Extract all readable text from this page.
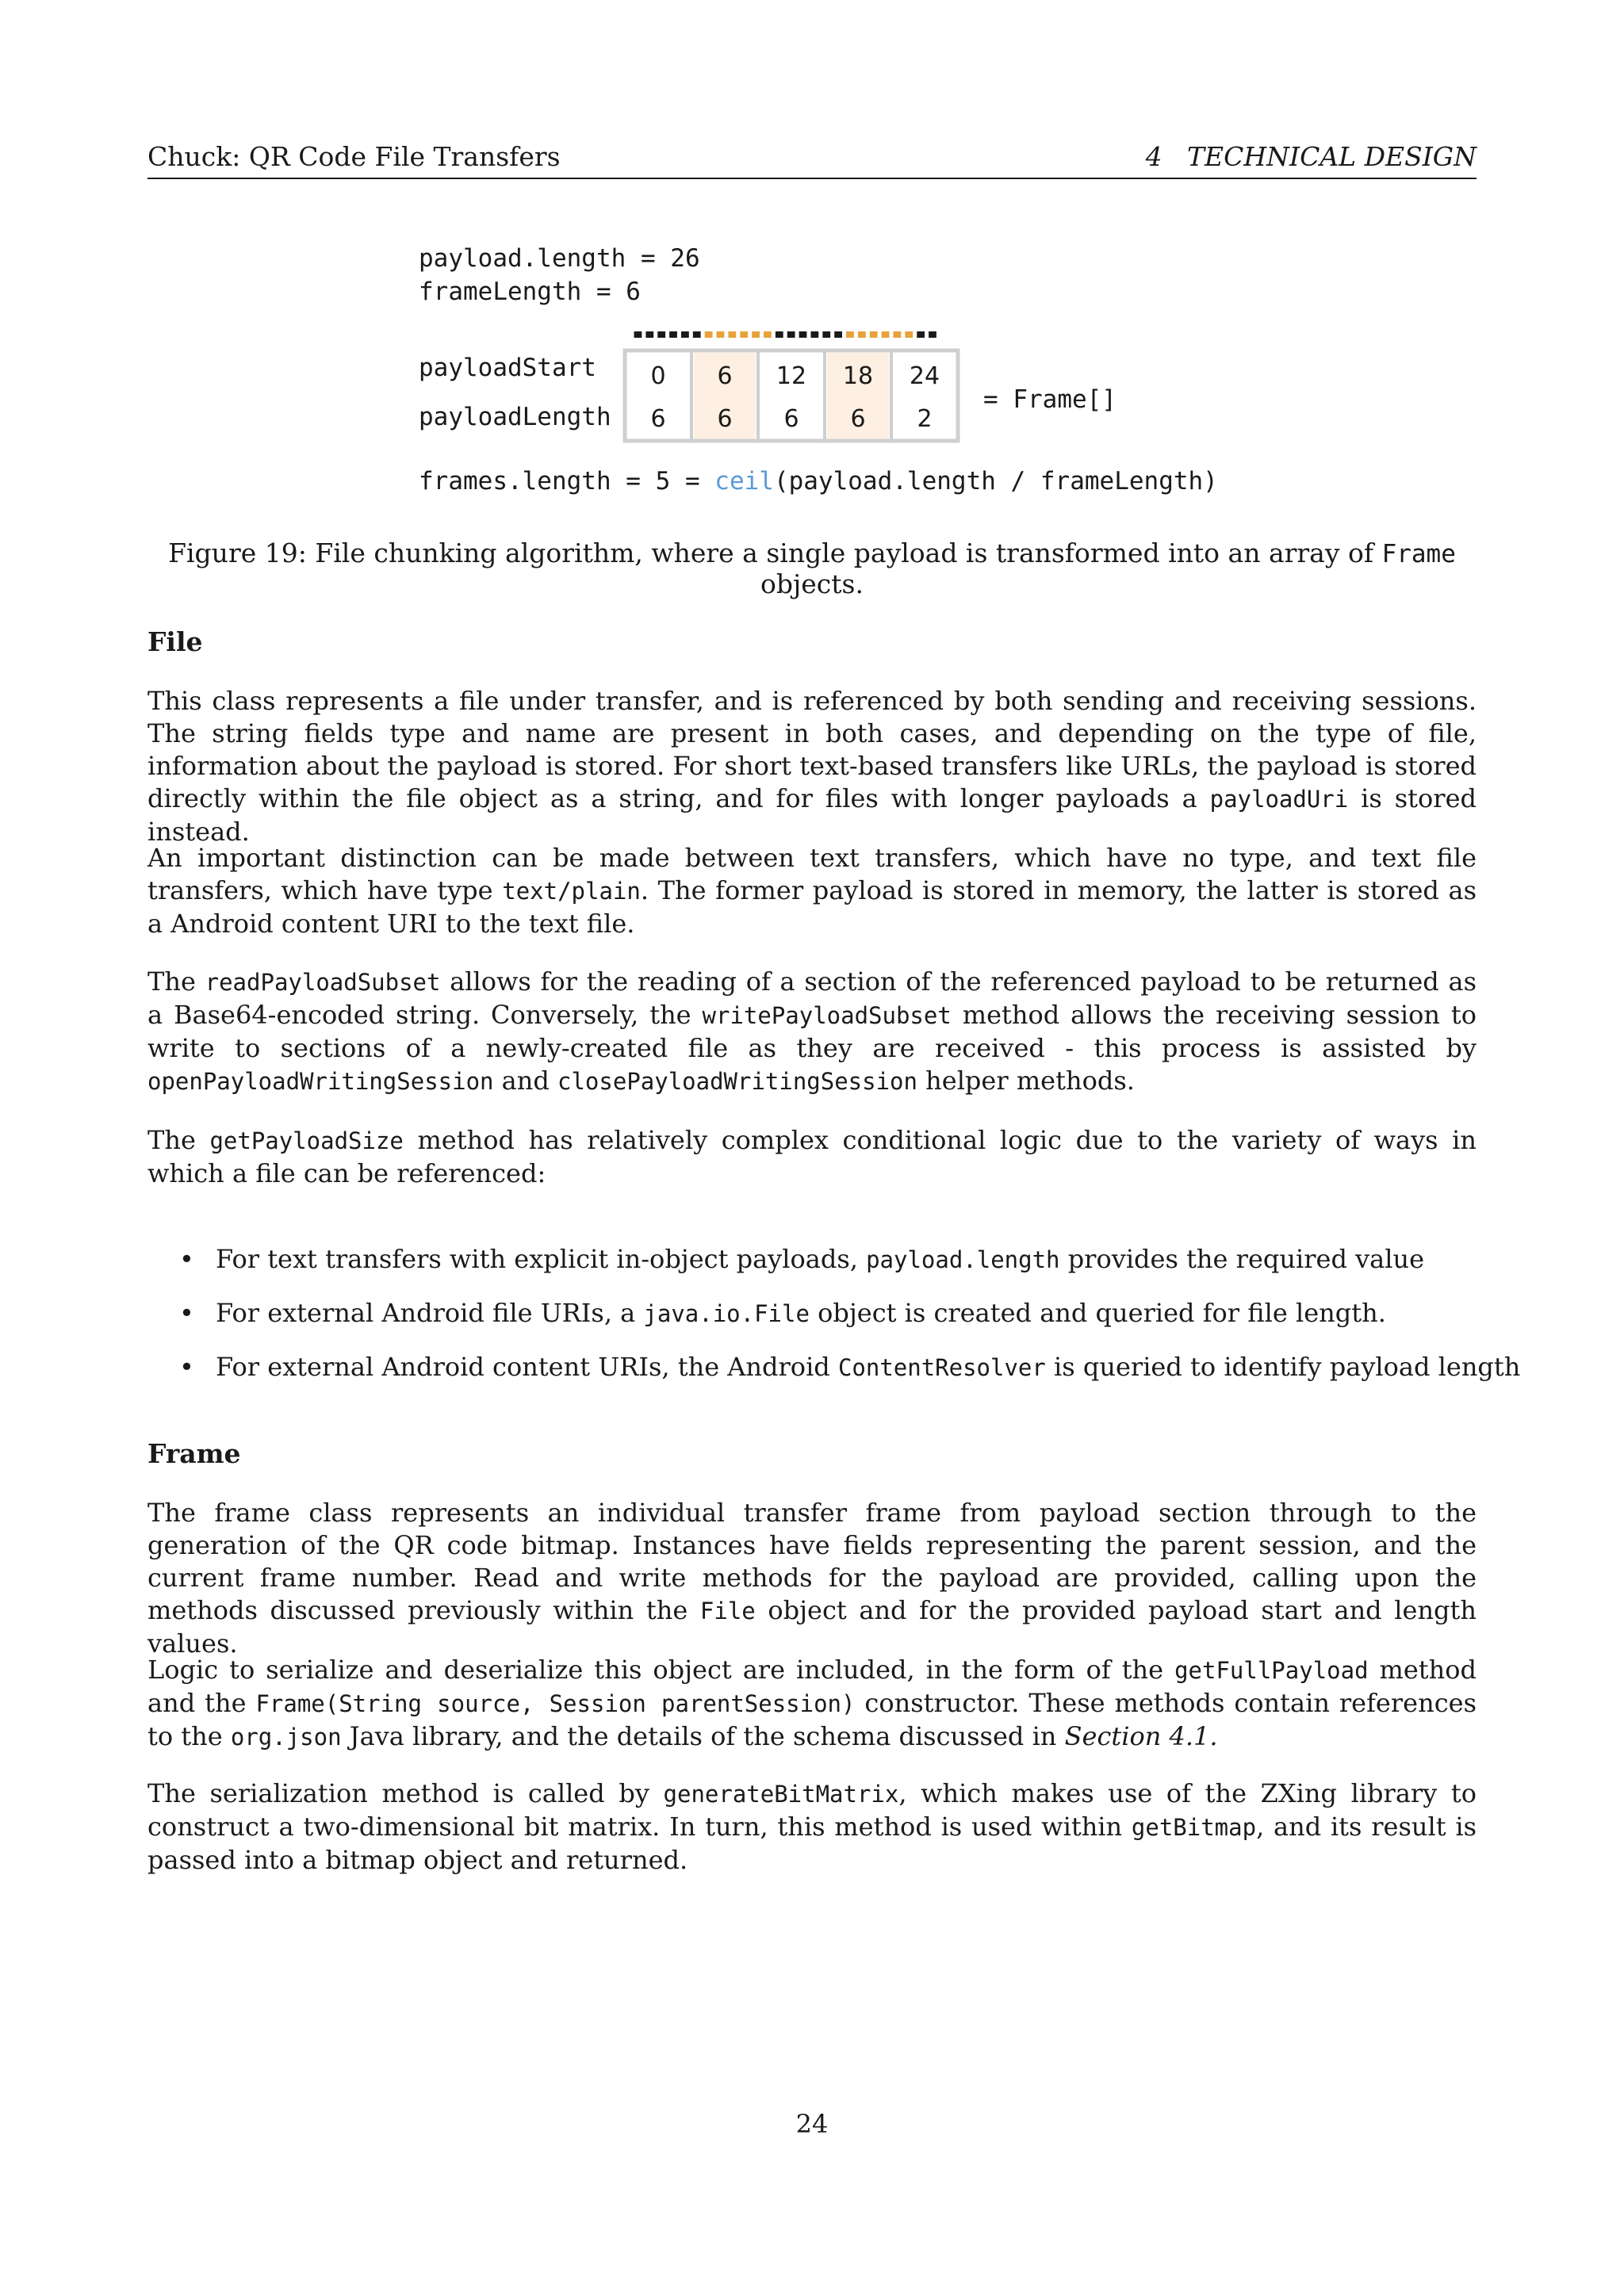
Chuck: QR Code File Transfers	4   TECHNICAL DESIGN
payload.length = 26
frameLength = 6
payloadStart
payloadLength
= Frame[]
0
6
6
6
12
6
18
6
24
2
frames.length = 5 = ceil(payload.length / frameLength)
Figure 19: File chunking algorithm, where a single payload is transformed into an array of Frame objects.
File
This class represents a file under transfer, and is referenced by both sending and receiving sessions. The string fields type and name are present in both cases, and depending on the type of file, information about the payload is stored. For short text-based transfers like URLs, the payload is stored directly within the file object as a string, and for files with longer payloads a payloadUri is stored instead.
An important distinction can be made between text transfers, which have no type, and text file transfers, which have type text/plain. The former payload is stored in memory, the latter is stored as a Android content URI to the text file.
The readPayloadSubset allows for the reading of a section of the referenced payload to be returned as a Base64-encoded string. Conversely, the writePayloadSubset method allows the receiving session to write to sections of a newly-created file as they are received - this process is assisted by openPayloadWritingSession and closePayloadWritingSession helper methods.
The getPayloadSize method has relatively complex conditional logic due to the variety of ways in which a file can be referenced:
• For text transfers with explicit in-object payloads, payload.length provides the required value
• For external Android file URIs, a java.io.File object is created and queried for file length.
• For external Android content URIs, the Android ContentResolver is queried to identify payload length
Frame
The frame class represents an individual transfer frame from payload section through to the generation of the QR code bitmap. Instances have fields representing the parent session, and the current frame number. Read and write methods for the payload are provided, calling upon the methods discussed previously within the File object and for the provided payload start and length values.
Logic to serialize and deserialize this object are included, in the form of the getFullPayload method and the Frame(String source, Session parentSession) constructor. These methods contain references to the org.json Java library, and the details of the schema discussed in Section 4.1.
The serialization method is called by generateBitMatrix, which makes use of the ZXing library to construct a two-dimensional bit matrix. In turn, this method is used within getBitmap, and its result is passed into a bitmap object and returned.
24
